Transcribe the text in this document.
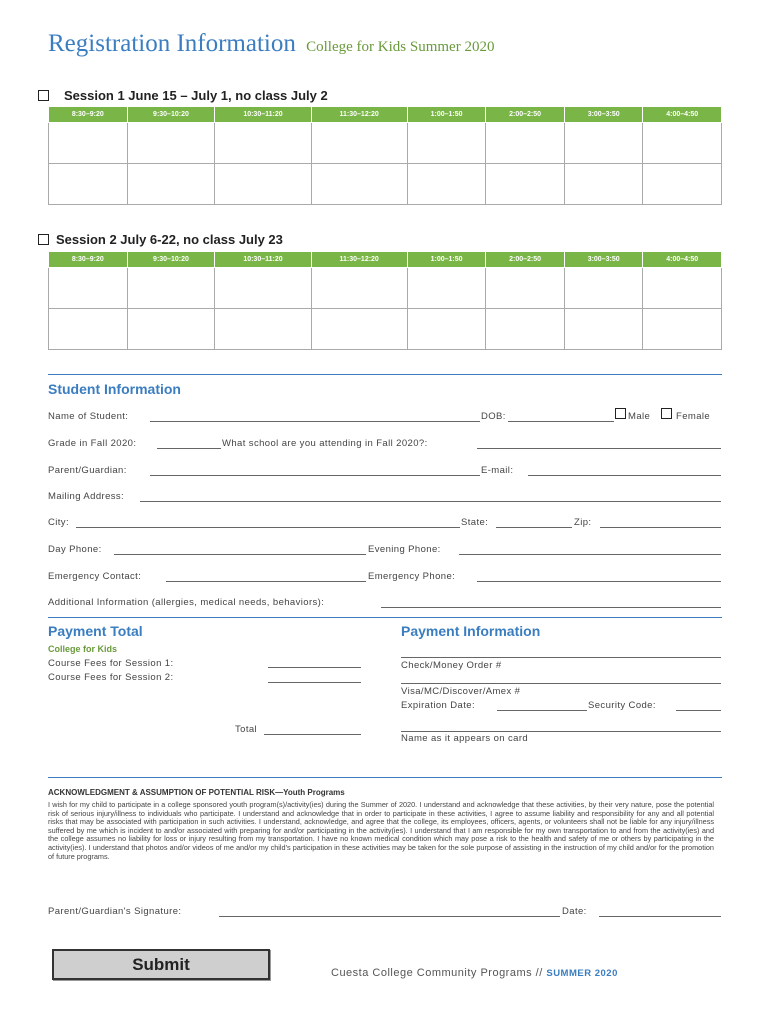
Registration Information College for Kids Summer 2020
Session 1 June 15 – July 1, no class July 2
8:30–9:20	9:30–10:20	10:30–11:20	11:30–12:20	1:00–1:50	2:00–2:50	3:00–3:50	4:00–4:50

Session 2 July 6-22, no class July 23
8:30–9:20	9:30–10:20	10:30–11:20	11:30–12:20	1:00–1:50	2:00–2:50	3:00–3:50	4:00–4:50

Student Information
Name of Student:	DOB:	Male	Female
Grade in Fall 2020:	What school are you attending in Fall 2020?:
Parent/Guardian:	E-mail:
Mailing Address:
City:	State:	Zip:
Day Phone:	Evening Phone:
Emergency Contact:	Emergency Phone:
Additional Information (allergies, medical needs, behaviors):
Payment Total
College for Kids
Course Fees for Session 1:
Course Fees for Session 2:
Total
Payment Information
Check/Money Order #
Visa/MC/Discover/Amex #
Expiration Date:	Security Code:
Name as it appears on card
ACKNOWLEDGMENT & ASSUMPTION OF POTENTIAL RISK—Youth Programs
I wish for my child to participate in a college sponsored youth program(s)/activity(ies) during the Summer of 2020. I understand and acknowledge that these activities, by their very nature, pose the potential risk of serious injury/illness to individuals who participate. I understand and acknowledge that in order to participate in these activities, I agree to assume liability and responsibility for any and all potential risks that may be associated with participation in such activities. I understand, acknowledge, and agree that the college, its employees, officers, agents, or volunteers shall not be liable for any injury/illness suffered by me which is incident to and/or associated with preparing for and/or participating in the activity(ies). I understand that I am responsible for my own transportation to and from the activity(ies) and the college assumes no liability for loss or injury resulting from my transportation. I have no known medical condition which may pose a risk to the health and safety of me or others by participating in the activity(ies). I understand that photos and/or videos of me and/or my child's participation in these activities may be taken for the sole purpose of assisting in the instruction of my child and/or for the promotion of future programs.
Parent/Guardian's Signature:	Date:
Submit	Cuesta College Community Programs // SUMMER 2020
